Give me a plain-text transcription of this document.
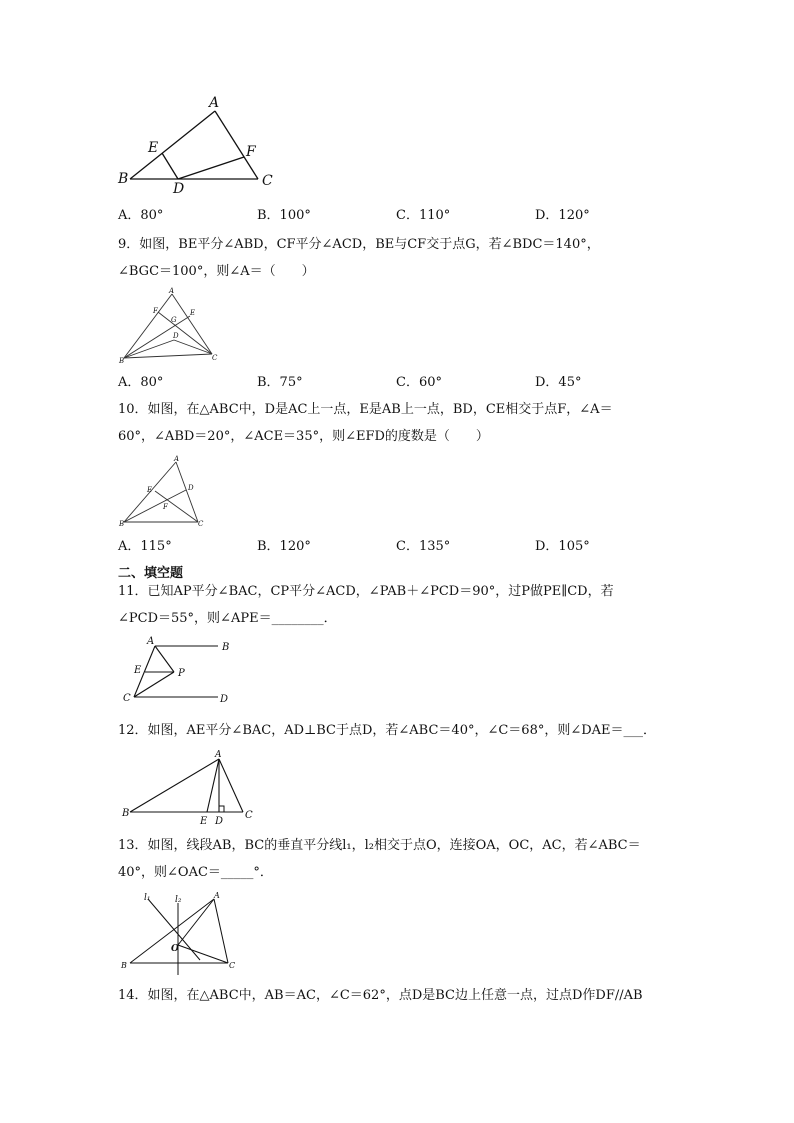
A
B	C
D
E	F
A．80°	B．100°	C．110°	D．120°
9．如图，BE平分∠ABD，CF平分∠ACD，BE与CF交于点G，若∠BDC＝140°，
∠BGC＝100°，则∠A＝（　　）
A
F
G
E
D
B	C
A．80°	B．75°	C．60°	D．45°
10．如图，在△ABC中，D是AC上一点，E是AB上一点，BD，CE相交于点F，∠A＝
60°，∠ABD＝20°，∠ACE＝35°，则∠EFD的度数是（　　）
A
E	D
F
B	C
A．115°	B．120°	C．135°	D．105°
二、填空题
11．已知AP平分∠BAC，CP平分∠ACD，∠PAB＋∠PCD＝90°，过P做PE∥CD，若
∠PCD＝55°，则∠APE＝________．
A
B
E	P
C	D
12．如图，AE平分∠BAC，AD⊥BC于点D，若∠ABC＝40°，∠C＝68°，则∠DAE＝___．
A
B
E D
C
13．如图，线段AB，BC的垂直平分线l₁，l₂相交于点O，连接OA，OC，AC，若∠ABC＝
40°，则∠OAC＝_____°．
l₁	l₂	A
O
B	C
14．如图，在△ABC中，AB＝AC，∠C＝62°，点D是BC边上任意一点，过点D作DF//AB
